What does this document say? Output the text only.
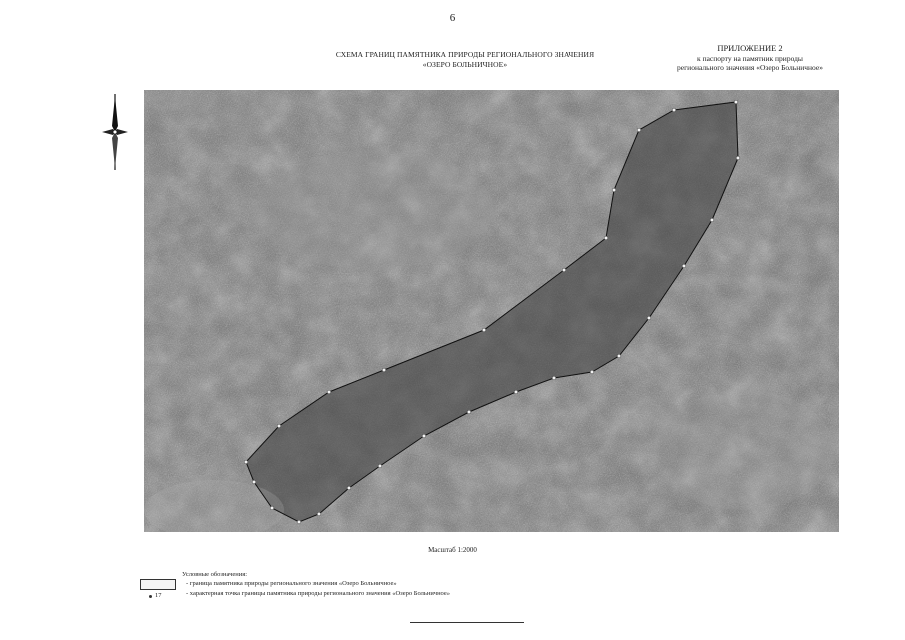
6
СХЕМА ГРАНИЦ ПАМЯТНИКА ПРИРОДЫ РЕГИОНАЛЬНОГО ЗНАЧЕНИЯ
«ОЗЕРО БОЛЬНИЧНОЕ»
ПРИЛОЖЕНИЕ 2
к паспорту на памятник природы
регионального значения «Озеро Больничное»
Масштаб 1:2000
Условные обозначения:
- граница памятника природы регионального значения «Озеро Больничное»
17	- характерная точка границы памятника природы регионального значения «Озеро Больничное»
